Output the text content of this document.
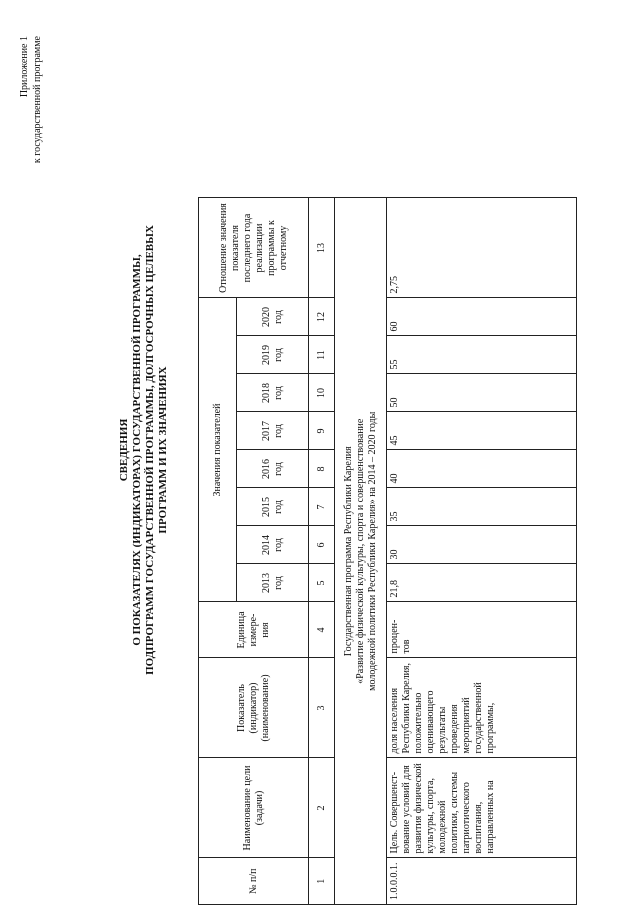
Приложение 1 к государственной программе
СВЕДЕНИЯ О ПОКАЗАТЕЛЯХ (ИНДИКАТОРАХ) ГОСУДАРСТВЕННОЙ ПРОГРАММЫ, ПОДПРОГРАММ ГОСУДАРСТВЕННОЙ ПРОГРАММЫ, ДОЛГОСРОЧНЫХ ЦЕЛЕВЫХ ПРОГРАММ И ИХ ЗНАЧЕНИЯХ
№ п/п	Наименование цели (задачи)	Показатель (индикатор) (наименование)	Единица измере-ния	Значения показателей								Отношение значения показателя последнего года реализации программы к отчетному
				2013 год	2014 год	2015 год	2016 год	2017 год	2018 год	2019 год	2020 год	
1	2	3	4	5	6	7	8	9	10	11	12	13

Государственная программа Республики Карелия «Развитие физической культуры, спорта и совершенствование молодежной политики Республики Карелия» на 2014 – 2020 годы												

1.0.0.0.1.	Цель. Совершенст-вование условий для развития физической культуры, спорта, молодежной политики, системы патриотического воспитания, направленных на	доля населения Республики Карелия, положительно оценивающего результаты проведения мероприятий государственной программы,	процен-тов	21,8	30	35	40	45	50	55	60	2,75
